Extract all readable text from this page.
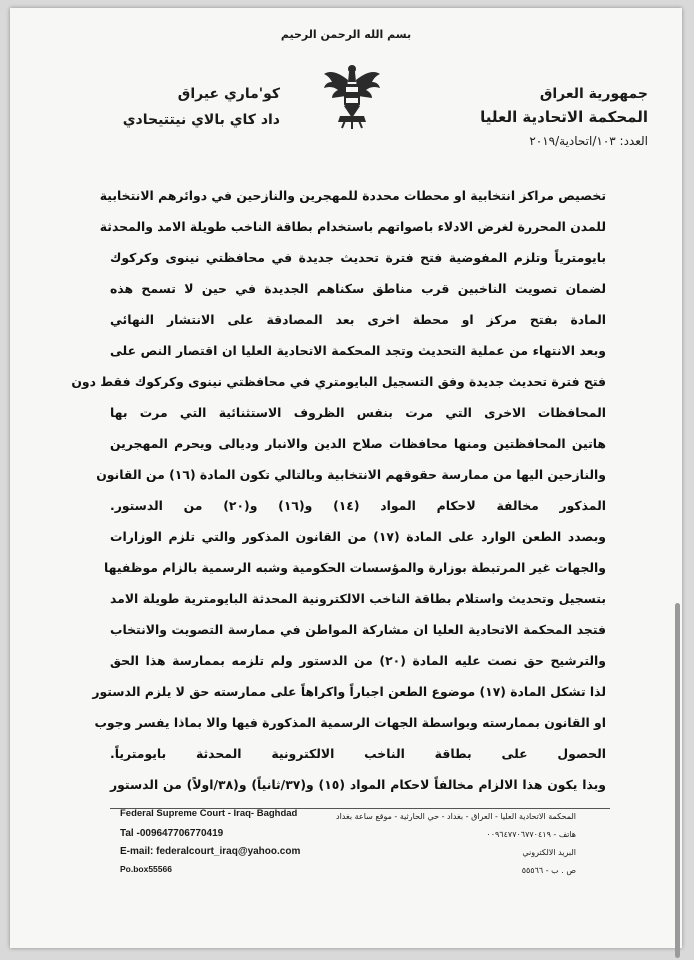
بسم الله الرحمن الرحيم
جمهورية العراق
المحكمة الاتحادية العليا
العدد: ١٠٣/اتحادية/٢٠١٩
كو'ماري عيراق
داد كاي بالاي نيتتيحادي
تخصيص مراكز انتخابية او محطات محددة للمهجرين والنازحين في دوائرهم الانتخابية
للمدن المحررة لغرض الادلاء باصواتهم باستخدام بطاقة الناخب طويلة الامد والمحدثة
بايومترياً وتلزم المفوضية فتح فترة تحديث جديدة في محافظتي نينوى وكركوك
لضمان تصويت الناخبين قرب مناطق سكناهم الجديدة في حين لا تسمح هذه
المادة بفتح مركز او محطة اخرى بعد المصادقة على الانتشار النهائي
وبعد الانتهاء من عملية التحديث وتجد المحكمة الاتحادية العليا ان اقتصار النص على
فتح فترة تحديث جديدة وفق التسجيل البايومتري في محافظتي نينوى وكركوك فقط دون
المحافظات الاخرى التي مرت بنفس الظروف الاستثنائية التي مرت بها
هاتين المحافظتين ومنها محافظات صلاح الدين والانبار وديالى ويحرم المهجرين
والنازحين اليها من ممارسة حقوقهم الانتخابية وبالتالي تكون المادة (١٦) من القانون
المذكور مخالفة لاحكام المواد (١٤) و(١٦) و(٢٠) من الدستور.
وبصدد الطعن الوارد على المادة (١٧) من القانون المذكور والتي تلزم الوزارات
والجهات غير المرتبطة بوزارة والمؤسسات الحكومية وشبه الرسمية بالزام موظفيها
بتسجيل وتحديث واستلام بطاقة الناخب الالكترونية المحدثة البايومترية طويلة الامد
فتجد المحكمة الاتحادية العليا ان مشاركة المواطن في ممارسة التصويت والانتخاب
والترشيح حق نصت عليه المادة (٢٠) من الدستور ولم تلزمه بممارسة هذا الحق
لذا تشكل المادة (١٧) موضوع الطعن اجباراً واكراهاً على ممارسته حق لا يلزم الدستور
او القانون بممارسته وبواسطة الجهات الرسمية المذكورة فيها والا بماذا يفسر وجوب
الحصول على بطاقة الناخب الالكترونية المحدثة بايومترياً.
وبذا يكون هذا الالزام مخالفاً لاحكام المواد (١٥) و(٣٧/ثانياً) و(٣٨/اولاً) من الدستور
Federal Supreme Court - Iraq- Baghdad
Tal -009647706770419
E-mail: federalcourt_iraq@yahoo.com
Po.box55566
المحكمة الاتحادية العليا - العراق - بغداد - حي الحارثية - موقع ساعة بغداد
هاتف - ٠٠٩٦٤٧٧٠٦٧٧٠٤١٩
البريد الالكتروني
ص . ب - ٥٥٥٦٦
